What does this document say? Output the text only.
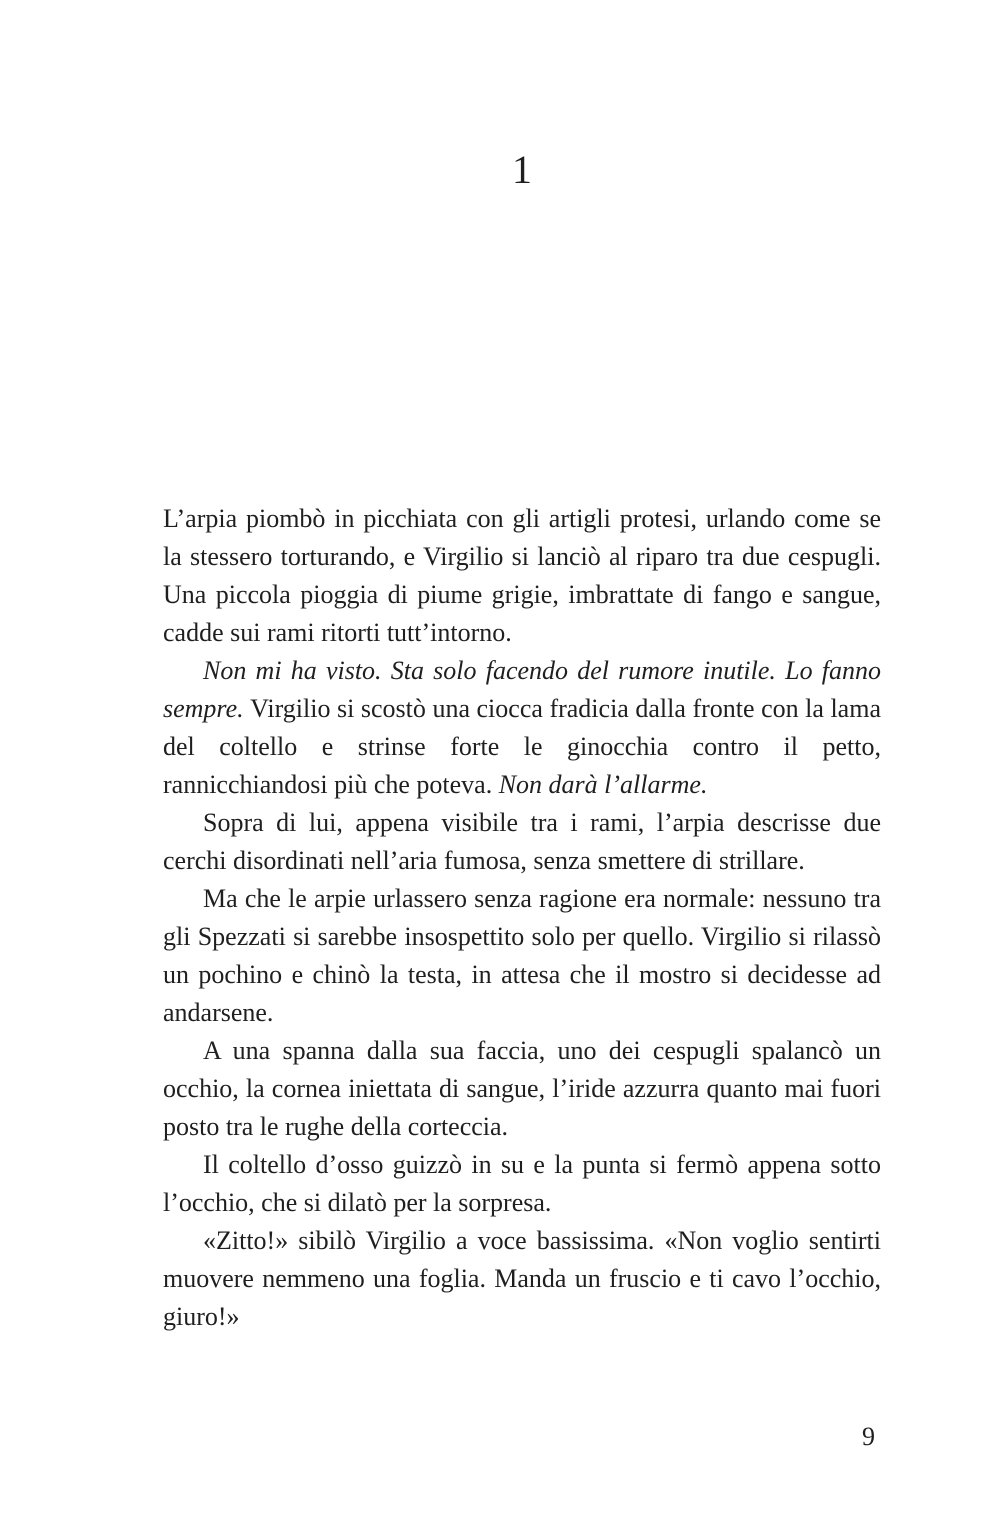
1

L’arpia piombò in picchiata con gli artigli protesi, urlando come se la stessero torturando, e Virgilio si lanciò al riparo tra due cespugli. Una piccola pioggia di piume grigie, imbrattate di fango e sangue, cadde sui rami ritorti tutt’intorno.

Non mi ha visto. Sta solo facendo del rumore inutile. Lo fanno sempre. Virgilio si scostò una ciocca fradicia dalla fronte con la lama del coltello e strinse forte le ginocchia contro il petto, rannicchiandosi più che poteva. Non darà l’allarme.

Sopra di lui, appena visibile tra i rami, l’arpia descrisse due cerchi disordinati nell’aria fumosa, senza smettere di strillare.

Ma che le arpie urlassero senza ragione era normale: nessuno tra gli Spezzati si sarebbe insospettito solo per quello. Virgilio si rilassò un pochino e chinò la testa, in attesa che il mostro si decidesse ad andarsene.

A una spanna dalla sua faccia, uno dei cespugli spalancò un occhio, la cornea iniettata di sangue, l’iride azzurra quanto mai fuori posto tra le rughe della corteccia.

Il coltello d’osso guizzò in su e la punta si fermò appena sotto l’occhio, che si dilatò per la sorpresa.

«Zitto!» sibilò Virgilio a voce bassissima. «Non voglio sentirti muovere nemmeno una foglia. Manda un fruscio e ti cavo l’occhio, giuro!»

9
